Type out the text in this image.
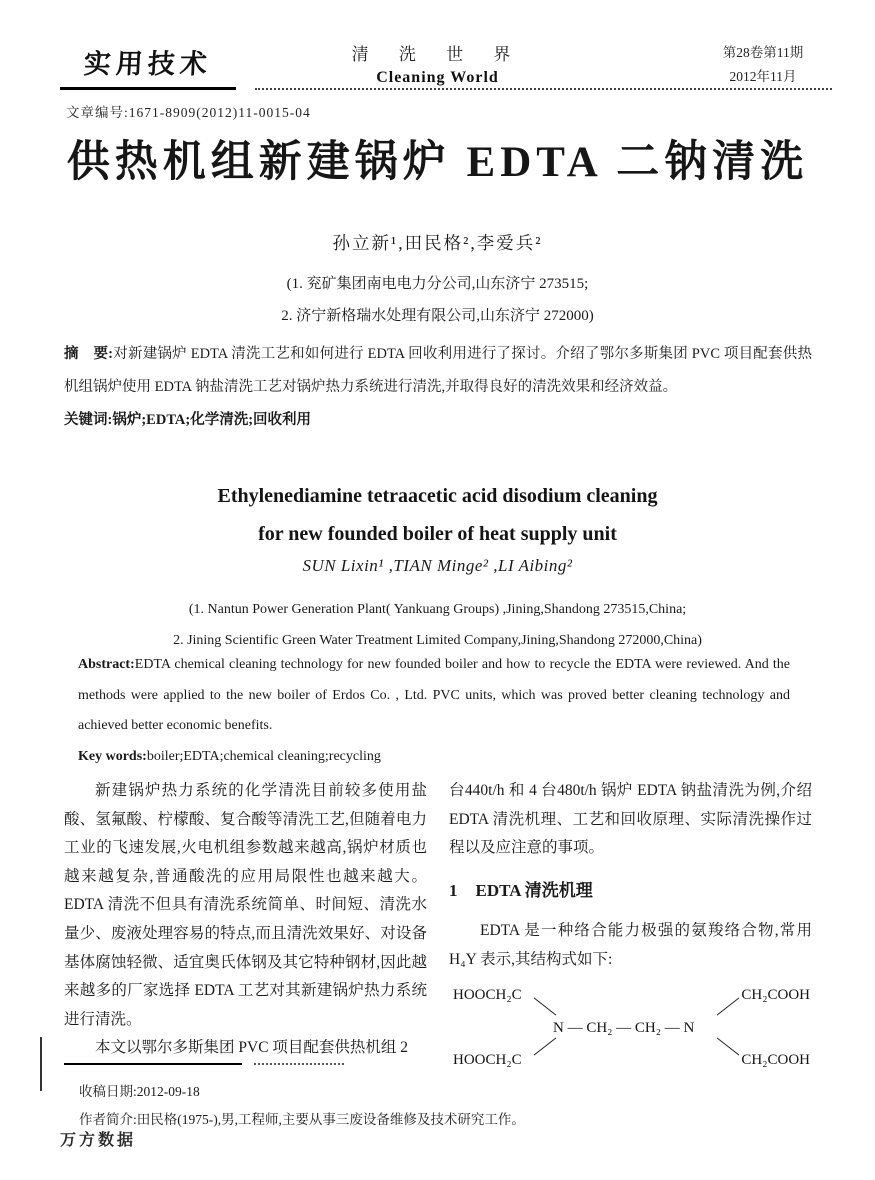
实用技术	清 洗 世 界
Cleaning World
第28卷第11期
2012年11月
文章编号:1671-8909(2012)11-0015-04
供热机组新建锅炉 EDTA 二钠清洗
孙立新¹,田民格²,李爱兵²
(1. 兖矿集团南电电力分公司,山东济宁 273515;
2. 济宁新格瑞水处理有限公司,山东济宁 272000)

摘　要:对新建锅炉 EDTA 清洗工艺和如何进行 EDTA 回收利用进行了探讨。介绍了鄂尔多斯集团 PVC 项目配套供热机组锅炉使用 EDTA 钠盐清洗工艺对锅炉热力系统进行清洗,并取得良好的清洗效果和经济效益。

关键词:锅炉;EDTA;化学清洗;回收利用

Ethylenediamine tetraacetic acid disodium cleaning
for new founded boiler of heat supply unit
SUN Lixin¹ ,TIAN Minge² ,LI Aibing²
(1. Nantun Power Generation Plant( Yankuang Groups) ,Jining,Shandong 273515,China;
2. Jining Scientific Green Water Treatment Limited Company,Jining,Shandong 272000,China)

Abstract:EDTA chemical cleaning technology for new founded boiler and how to recycle the EDTA were reviewed. And the methods were applied to the new boiler of Erdos Co. , Ltd. PVC units, which was proved better cleaning technology and achieved better economic benefits.

Key words:boiler;EDTA;chemical cleaning;recycling

新建锅炉热力系统的化学清洗目前较多使用盐酸、氢氟酸、柠檬酸、复合酸等清洗工艺,但随着电力工业的飞速发展,火电机组参数越来越高,锅炉材质也越来越复杂,普通酸洗的应用局限性也越来越大。EDTA 清洗不但具有清洗系统简单、时间短、清洗水量少、废液处理容易的特点,而且清洗效果好、对设备基体腐蚀轻微、适宜奥氏体钢及其它特种钢材,因此越来越多的厂家选择 EDTA 工艺对其新建锅炉热力系统进行清洗。

本文以鄂尔多斯集团 PVC 项目配套供热机组 2

台440t/h 和 4 台480t/h 锅炉 EDTA 钠盐清洗为例,介绍 EDTA 清洗机理、工艺和回收原理、实际清洗操作过程以及应注意的事项。

1 EDTA 清洗机理

EDTA 是一种络合能力极强的氨羧络合物,常用 H₄Y 表示,其结构式如下:

HOOCH₂C
HOOCH₂C
N — CH₂ — CH₂ — N
CH₂COOH
CH₂COOH
收稿日期:2012-09-18
作者简介:田民格(1975-),男,工程师,主要从事三废设备维修及技术研究工作。
万方数据
